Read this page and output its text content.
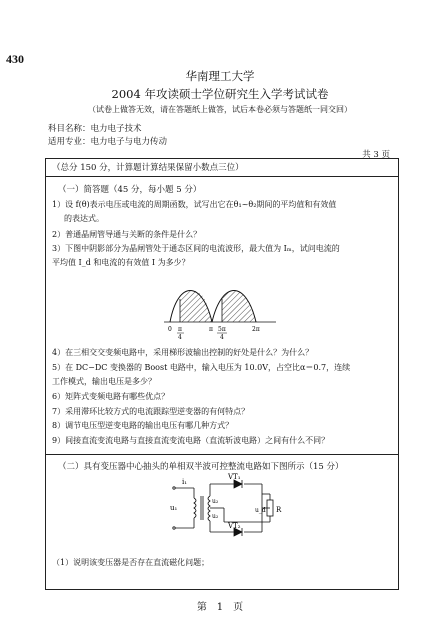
430
华南理工大学
2004 年攻读硕士学位研究生入学考试试卷
（试卷上做答无效，请在答题纸上做答，试后本卷必须与答题纸一同交回）
科目名称：电力电子技术
适用专业：电力电子与电力传动
共 3 页
（总分 150 分，计算题计算结果保留小数点三位）
（一）简答题（45 分，每小题 5 分）
1）设 f(θ)表示电压或电流的周期函数，试写出它在θ₁~θ₂期间的平均值和有效值
的表达式。
2）普通晶闸管导通与关断的条件是什么？
3）下图中阴影部分为晶闸管处于通态区间的电流波形，最大值为 Iₘ，试问电流的
平均值 I_d 和电流的有效值 I 为多少？
0 π
4
π 5π
4
2π
4）在三相交交变频电路中，采用梯形波输出控制的好处是什么？为什么？
5）在 DC−DC 变换器的 Boost 电路中，输入电压为 10.0V，占空比α＝0.7，连续
工作模式，输出电压是多少？
6）矩阵式变频电路有哪些优点？
7）采用滞环比较方式的电流跟踪型逆变器的有何特点？
8）调节电压型逆变电路的输出电压有哪几种方式？
9）间接直流变流电路与直接直流变流电路（直流斩波电路）之间有什么不同？
（二）具有变压器中心抽头的单相双半波可控整流电路如下图所示（15 分）
VT₁
VT₂
i₁
u₁
u₂
u₂
u_d R
（1）说明该变压器是否存在直流磁化问题；
第　1　页
